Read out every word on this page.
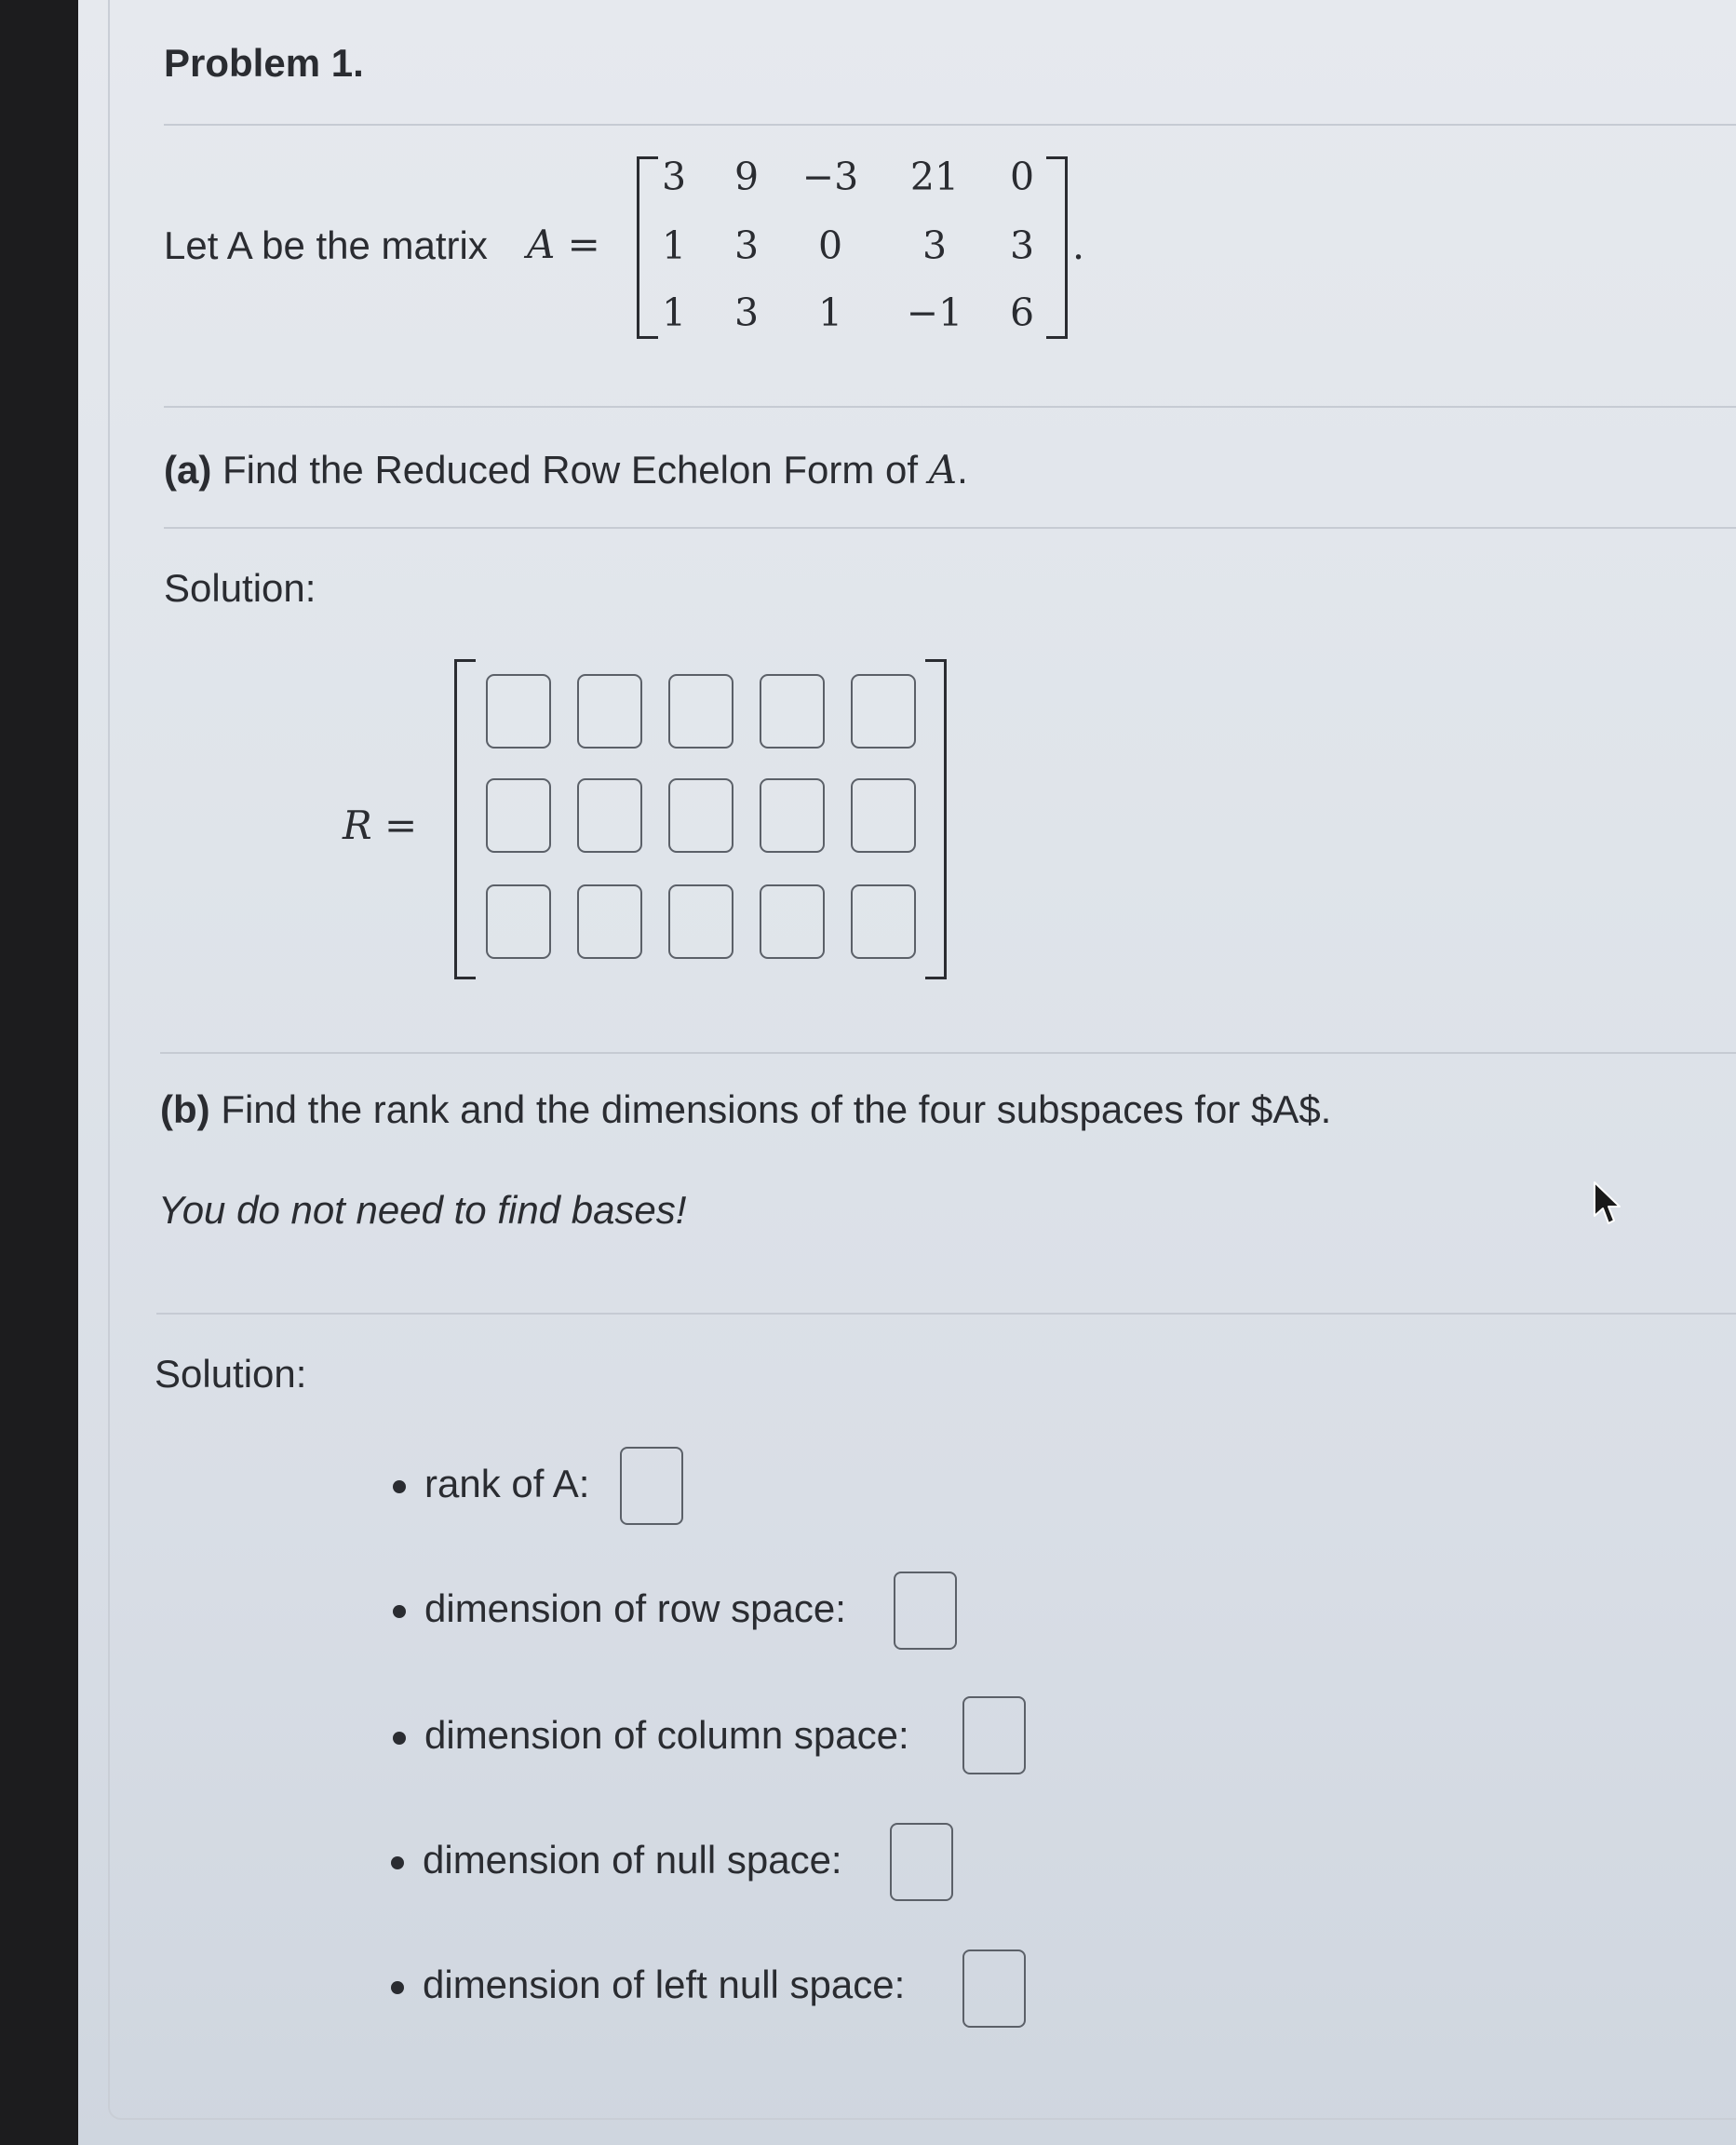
Problem 1.
Let A be the matrix A =
3	9	−3	21	0
1	3	0	3	3
1	3	1	−1	6
.
(a) Find the Reduced Row Echelon Form of A.
Solution:
R =
(b) Find the rank and the dimensions of the four subspaces for $A$.
You do not need to find bases!
Solution:
rank of A:
dimension of row space:
dimension of column space:
dimension of null space:
dimension of left null space:
